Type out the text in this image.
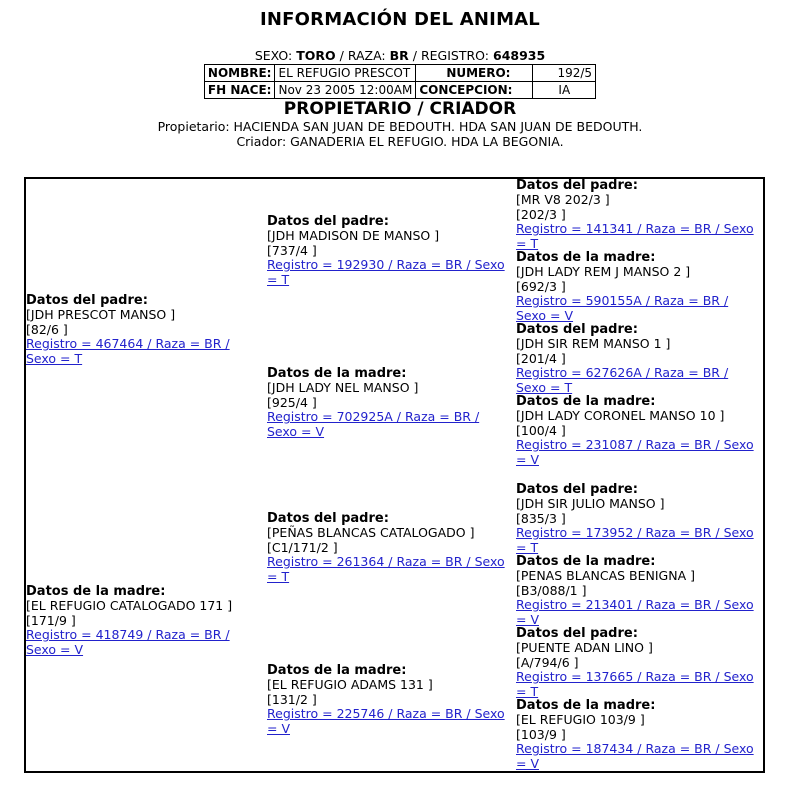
INFORMACIÓN DEL ANIMAL
SEXO: TORO / RAZA: BR / REGISTRO: 648935
NOMBRE:	EL REFUGIO PRESCOT	NUMERO:	192/5
FH NACE:	Nov 23 2005 12:00AM	CONCEPCION:	IA
PROPIETARIO / CRIADOR
Propietario: HACIENDA SAN JUAN DE BEDOUTH. HDA SAN JUAN DE BEDOUTH.
Criador: GANADERIA EL REFUGIO. HDA LA BEGONIA.
Datos del padre:
[JDH PRESCOT MANSO ]
[82/6 ]
Registro = 467464 / Raza = BR / Sexo = T
Datos de la madre:
[EL REFUGIO CATALOGADO 171 ]
[171/9 ]
Registro = 418749 / Raza = BR / Sexo = V
Datos del padre:
[JDH MADISON DE MANSO ]
[737/4 ]
Registro = 192930 / Raza = BR / Sexo = T
Datos de la madre:
[JDH LADY NEL MANSO ]
[925/4 ]
Registro = 702925A / Raza = BR / Sexo = V
Datos del padre:
[PEÑAS BLANCAS CATALOGADO ]
[C1/171/2 ]
Registro = 261364 / Raza = BR / Sexo = T
Datos de la madre:
[EL REFUGIO ADAMS 131 ]
[131/2 ]
Registro = 225746 / Raza = BR / Sexo = V
Datos del padre:
[MR V8 202/3 ]
[202/3 ]
Registro = 141341 / Raza = BR / Sexo = T
Datos de la madre:
[JDH LADY REM J MANSO 2 ]
[692/3 ]
Registro = 590155A / Raza = BR / Sexo = V
Datos del padre:
[JDH SIR REM MANSO 1 ]
[201/4 ]
Registro = 627626A / Raza = BR / Sexo = T
Datos de la madre:
[JDH LADY CORONEL MANSO 10 ]
[100/4 ]
Registro = 231087 / Raza = BR / Sexo = V
Datos del padre:
[JDH SIR JULIO MANSO ]
[835/3 ]
Registro = 173952 / Raza = BR / Sexo = T
Datos de la madre:
[PENAS BLANCAS BENIGNA ]
[B3/088/1 ]
Registro = 213401 / Raza = BR / Sexo = V
Datos del padre:
[PUENTE ADAN LINO ]
[A/794/6 ]
Registro = 137665 / Raza = BR / Sexo = T
Datos de la madre:
[EL REFUGIO 103/9 ]
[103/9 ]
Registro = 187434 / Raza = BR / Sexo = V
